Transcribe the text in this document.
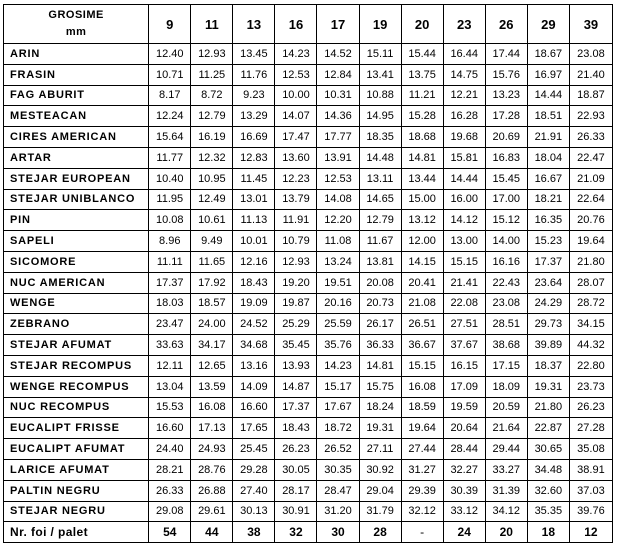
GROSIME
mm	9	11	13	16	17	19	20	23	26	29	39
ARIN	12.40	12.93	13.45	14.23	14.52	15.11	15.44	16.44	17.44	18.67	23.08
FRASIN	10.71	11.25	11.76	12.53	12.84	13.41	13.75	14.75	15.76	16.97	21.40
FAG ABURIT	8.17	8.72	9.23	10.00	10.31	10.88	11.21	12.21	13.23	14.44	18.87
MESTEACAN	12.24	12.79	13.29	14.07	14.36	14.95	15.28	16.28	17.28	18.51	22.93
CIRES AMERICAN	15.64	16.19	16.69	17.47	17.77	18.35	18.68	19.68	20.69	21.91	26.33
ARTAR	11.77	12.32	12.83	13.60	13.91	14.48	14.81	15.81	16.83	18.04	22.47
STEJAR EUROPEAN	10.40	10.95	11.45	12.23	12.53	13.11	13.44	14.44	15.45	16.67	21.09
STEJAR UNIBLANCO	11.95	12.49	13.01	13.79	14.08	14.65	15.00	16.00	17.00	18.21	22.64
PIN	10.08	10.61	11.13	11.91	12.20	12.79	13.12	14.12	15.12	16.35	20.76
SAPELI	8.96	9.49	10.01	10.79	11.08	11.67	12.00	13.00	14.00	15.23	19.64
SICOMORE	11.11	11.65	12.16	12.93	13.24	13.81	14.15	15.15	16.16	17.37	21.80
NUC AMERICAN	17.37	17.92	18.43	19.20	19.51	20.08	20.41	21.41	22.43	23.64	28.07
WENGE	18.03	18.57	19.09	19.87	20.16	20.73	21.08	22.08	23.08	24.29	28.72
ZEBRANO	23.47	24.00	24.52	25.29	25.59	26.17	26.51	27.51	28.51	29.73	34.15
STEJAR AFUMAT	33.63	34.17	34.68	35.45	35.76	36.33	36.67	37.67	38.68	39.89	44.32
STEJAR RECOMPUS	12.11	12.65	13.16	13.93	14.23	14.81	15.15	16.15	17.15	18.37	22.80
WENGE RECOMPUS	13.04	13.59	14.09	14.87	15.17	15.75	16.08	17.09	18.09	19.31	23.73
NUC RECOMPUS	15.53	16.08	16.60	17.37	17.67	18.24	18.59	19.59	20.59	21.80	26.23
EUCALIPT FRISSE	16.60	17.13	17.65	18.43	18.72	19.31	19.64	20.64	21.64	22.87	27.28
EUCALIPT AFUMAT	24.40	24.93	25.45	26.23	26.52	27.11	27.44	28.44	29.44	30.65	35.08
LARICE AFUMAT	28.21	28.76	29.28	30.05	30.35	30.92	31.27	32.27	33.27	34.48	38.91
PALTIN NEGRU	26.33	26.88	27.40	28.17	28.47	29.04	29.39	30.39	31.39	32.60	37.03
STEJAR NEGRU	29.08	29.61	30.13	30.91	31.20	31.79	32.12	33.12	34.12	35.35	39.76
Nr. foi / palet	54	44	38	32	30	28	-	24	20	18	12
